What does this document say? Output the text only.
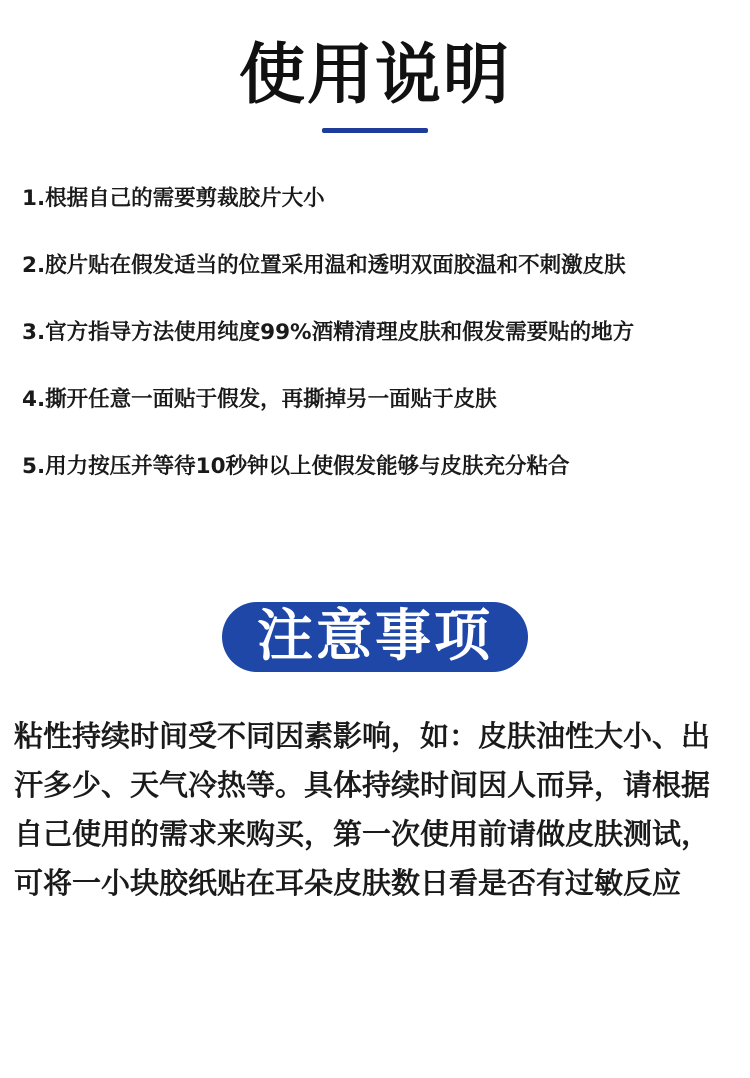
使用说明
1.根据自己的需要剪裁胶片大小
2.胶片贴在假发适当的位置采用温和透明双面胶温和不刺激皮肤
3.官方指导方法使用纯度99%酒精清理皮肤和假发需要贴的地方
4.撕开任意一面贴于假发，再撕掉另一面贴于皮肤
5.用力按压并等待10秒钟以上使假发能够与皮肤充分粘合
注意事项

粘性持续时间受不同因素影响，如：皮肤油性大小、出汗多少、天气冷热等。具体持续时间因人而异，请根据自己使用的需求来购买，第一次使用前请做皮肤测试，可将一小块胶纸贴在耳朵皮肤数日看是否有过敏反应
